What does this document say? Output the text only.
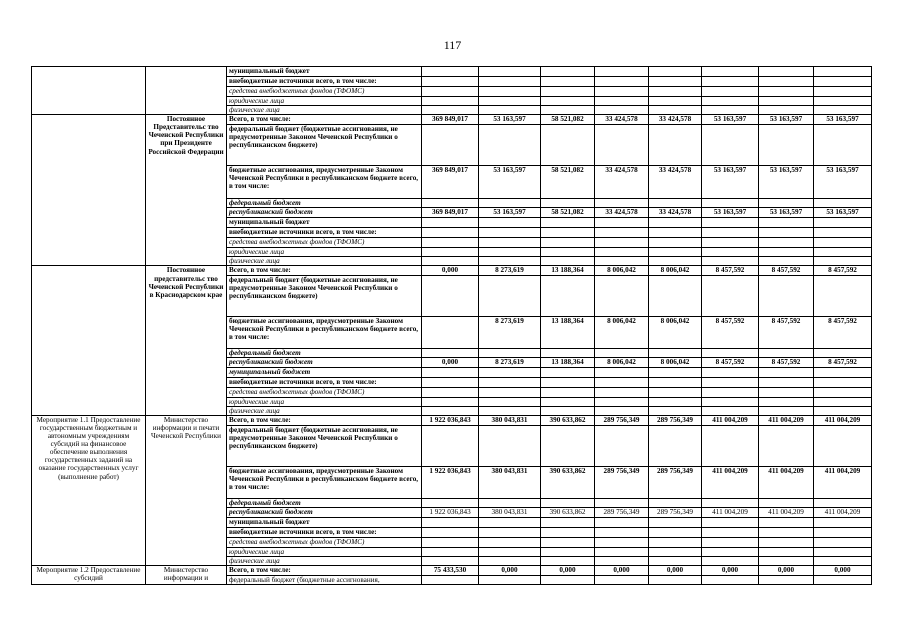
117
		муниципальный бюджет								
		внебюджетные источники всего, в том числе:								
		средства внебюджетных фондов (ТФОМС)								
		юридические лица								
		физические лица								
	Постоянное Представительс тво Чеченской Республики при Президенте Российской Федерации	Всего, в том числе:	369 849,017	53 163,597	58 521,082	33 424,578	33 424,578	53 163,597	53 163,597	53 163,597
		федеральный бюджет (бюджетные ассигнования, не предусмотренные Законом Чеченской Республики о республиканском бюджете)								
		бюджетные ассигнования, предусмотренные Законом Чеченской Республики в республиканском бюджете всего, в том числе:	369 849,017	53 163,597	58 521,082	33 424,578	33 424,578	53 163,597	53 163,597	53 163,597
		федеральный бюджет								
		республиканский бюджет	369 849,017	53 163,597	58 521,082	33 424,578	33 424,578	53 163,597	53 163,597	53 163,597
		муниципальный бюджет								
		внебюджетные источники всего, в том числе:								
		средства внебюджетных фондов (ТФОМС)								
		юридические лица								
		физические лица								
	Постоянное представительс тво Чеченской Республики в Краснодарском крае	Всего, в том числе:	0,000	8 273,619	13 188,364	8 006,042	8 006,042	8 457,592	8 457,592	8 457,592
		федеральный бюджет (бюджетные ассигнования, не предусмотренные Законом Чеченской Республики о республиканском бюджете)								
		бюджетные ассигнования, предусмотренные Законом Чеченской Республики в республиканском бюджете всего, в том числе:		8 273,619	13 188,364	8 006,042	8 006,042	8 457,592	8 457,592	8 457,592
		федеральный бюджет								
		республиканский бюджет	0,000	8 273,619	13 188,364	8 006,042	8 006,042	8 457,592	8 457,592	8 457,592
		муниципальный бюджет								
		внебюджетные источники всего, в том числе:								
		средства внебюджетных фондов (ТФОМС)								
		юридические лица								
		физические лица								
Мероприятие 1.1 Предоставление государственным бюджетным и автономным учреждениям субсидий на финансовое обеспечение выполнения государственных заданий на оказание государственных услуг (выполнение работ)	Министерство информации и печати Чеченской Республики	Всего, в том числе:	1 922 036,843	380 043,831	390 633,862	289 756,349	289 756,349	411 004,209	411 004,209	411 004,209
		федеральный бюджет (бюджетные ассигнования, не предусмотренные Законом Чеченской Республики о республиканском бюджете)								
		бюджетные ассигнования, предусмотренные Законом Чеченской Республики в республиканском бюджете всего, в том числе:	1 922 036,843	380 043,831	390 633,862	289 756,349	289 756,349	411 004,209	411 004,209	411 004,209
		федеральный бюджет								
		республиканский бюджет	1 922 036,843	380 043,831	390 633,862	289 756,349	289 756,349	411 004,209	411 004,209	411 004,209
		муниципальный бюджет								
		внебюджетные источники всего, в том числе:								
		средства внебюджетных фондов (ТФОМС)								
		юридические лица								
		физические лица								
Мероприятие 1.2 Предоставление субсидий	Министерство информации и	Всего, в том числе:	75 433,530	0,000	0,000	0,000	0,000	0,000	0,000	0,000
		федеральный бюджет (бюджетные ассигнования,								
